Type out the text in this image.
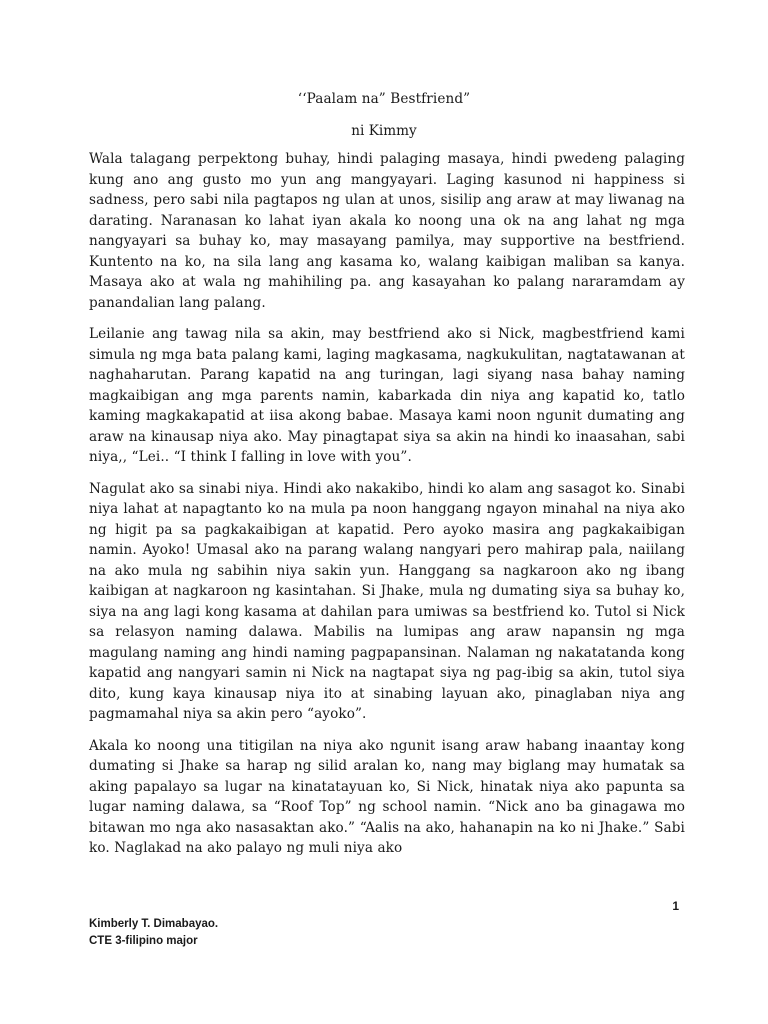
‘‘Paalam na” Bestfriend”
ni Kimmy

Wala talagang perpektong buhay, hindi palaging masaya, hindi pwedeng palaging kung ano ang gusto mo yun ang mangyayari. Laging kasunod ni happiness si sadness, pero sabi nila pagtapos ng ulan at unos, sisilip ang araw at may liwanag na darating. Naranasan ko lahat iyan akala ko noong una ok na ang lahat ng mga nangyayari sa buhay ko, may masayang pamilya, may supportive na bestfriend. Kuntento na ko, na sila lang ang kasama ko, walang kaibigan maliban sa kanya. Masaya ako at wala ng mahihiling pa. ang kasayahan ko palang nararamdam ay panandalian lang palang.

Leilanie ang tawag nila sa akin, may bestfriend ako si Nick, magbestfriend kami simula ng mga bata palang kami, laging magkasama, nagkukulitan, nagtatawanan at naghaharutan. Parang kapatid na ang turingan, lagi siyang nasa bahay naming magkaibigan ang mga parents namin, kabarkada din niya ang kapatid ko, tatlo kaming magkakapatid at iisa akong babae. Masaya kami noon ngunit dumating ang araw na kinausap niya ako. May pinagtapat siya sa akin na hindi ko inaasahan, sabi niya,, “Lei.. “I think I falling in love with you”.

Nagulat ako sa sinabi niya. Hindi ako nakakibo, hindi ko alam ang sasagot ko. Sinabi niya lahat at napagtanto ko na mula pa noon hanggang ngayon minahal na niya ako ng higit pa sa pagkakaibigan at kapatid. Pero ayoko masira ang pagkakaibigan namin. Ayoko! Umasal ako na parang walang nangyari pero mahirap pala, naiilang na ako mula ng sabihin niya sakin yun. Hanggang sa nagkaroon ako ng ibang kaibigan at nagkaroon ng kasintahan. Si Jhake, mula ng dumating siya sa buhay ko, siya na ang lagi kong kasama at dahilan para umiwas sa bestfriend ko. Tutol si Nick sa relasyon naming dalawa. Mabilis na lumipas ang araw napansin ng mga magulang naming ang hindi naming pagpapansinan. Nalaman ng nakatatanda kong kapatid ang nangyari samin ni Nick na nagtapat siya ng pag-ibig sa akin, tutol siya dito, kung kaya kinausap niya ito at sinabing layuan ako, pinaglaban niya ang pagmamahal niya sa akin pero “ayoko”.

Akala ko noong una titigilan na niya ako ngunit isang araw habang inaantay kong dumating si Jhake sa harap ng silid aralan ko, nang may biglang may humatak sa aking papalayo sa lugar na kinatatayuan ko, Si Nick, hinatak niya ako papunta sa lugar naming dalawa, sa “Roof Top” ng school namin. “Nick ano ba ginagawa mo bitawan mo nga ako nasasaktan ako.” “Aalis na ako, hahanapin na ko ni Jhake.” Sabi ko. Naglakad na ako palayo ng muli niya ako

1
Kimberly T. Dimabayao.
CTE 3-filipino major
